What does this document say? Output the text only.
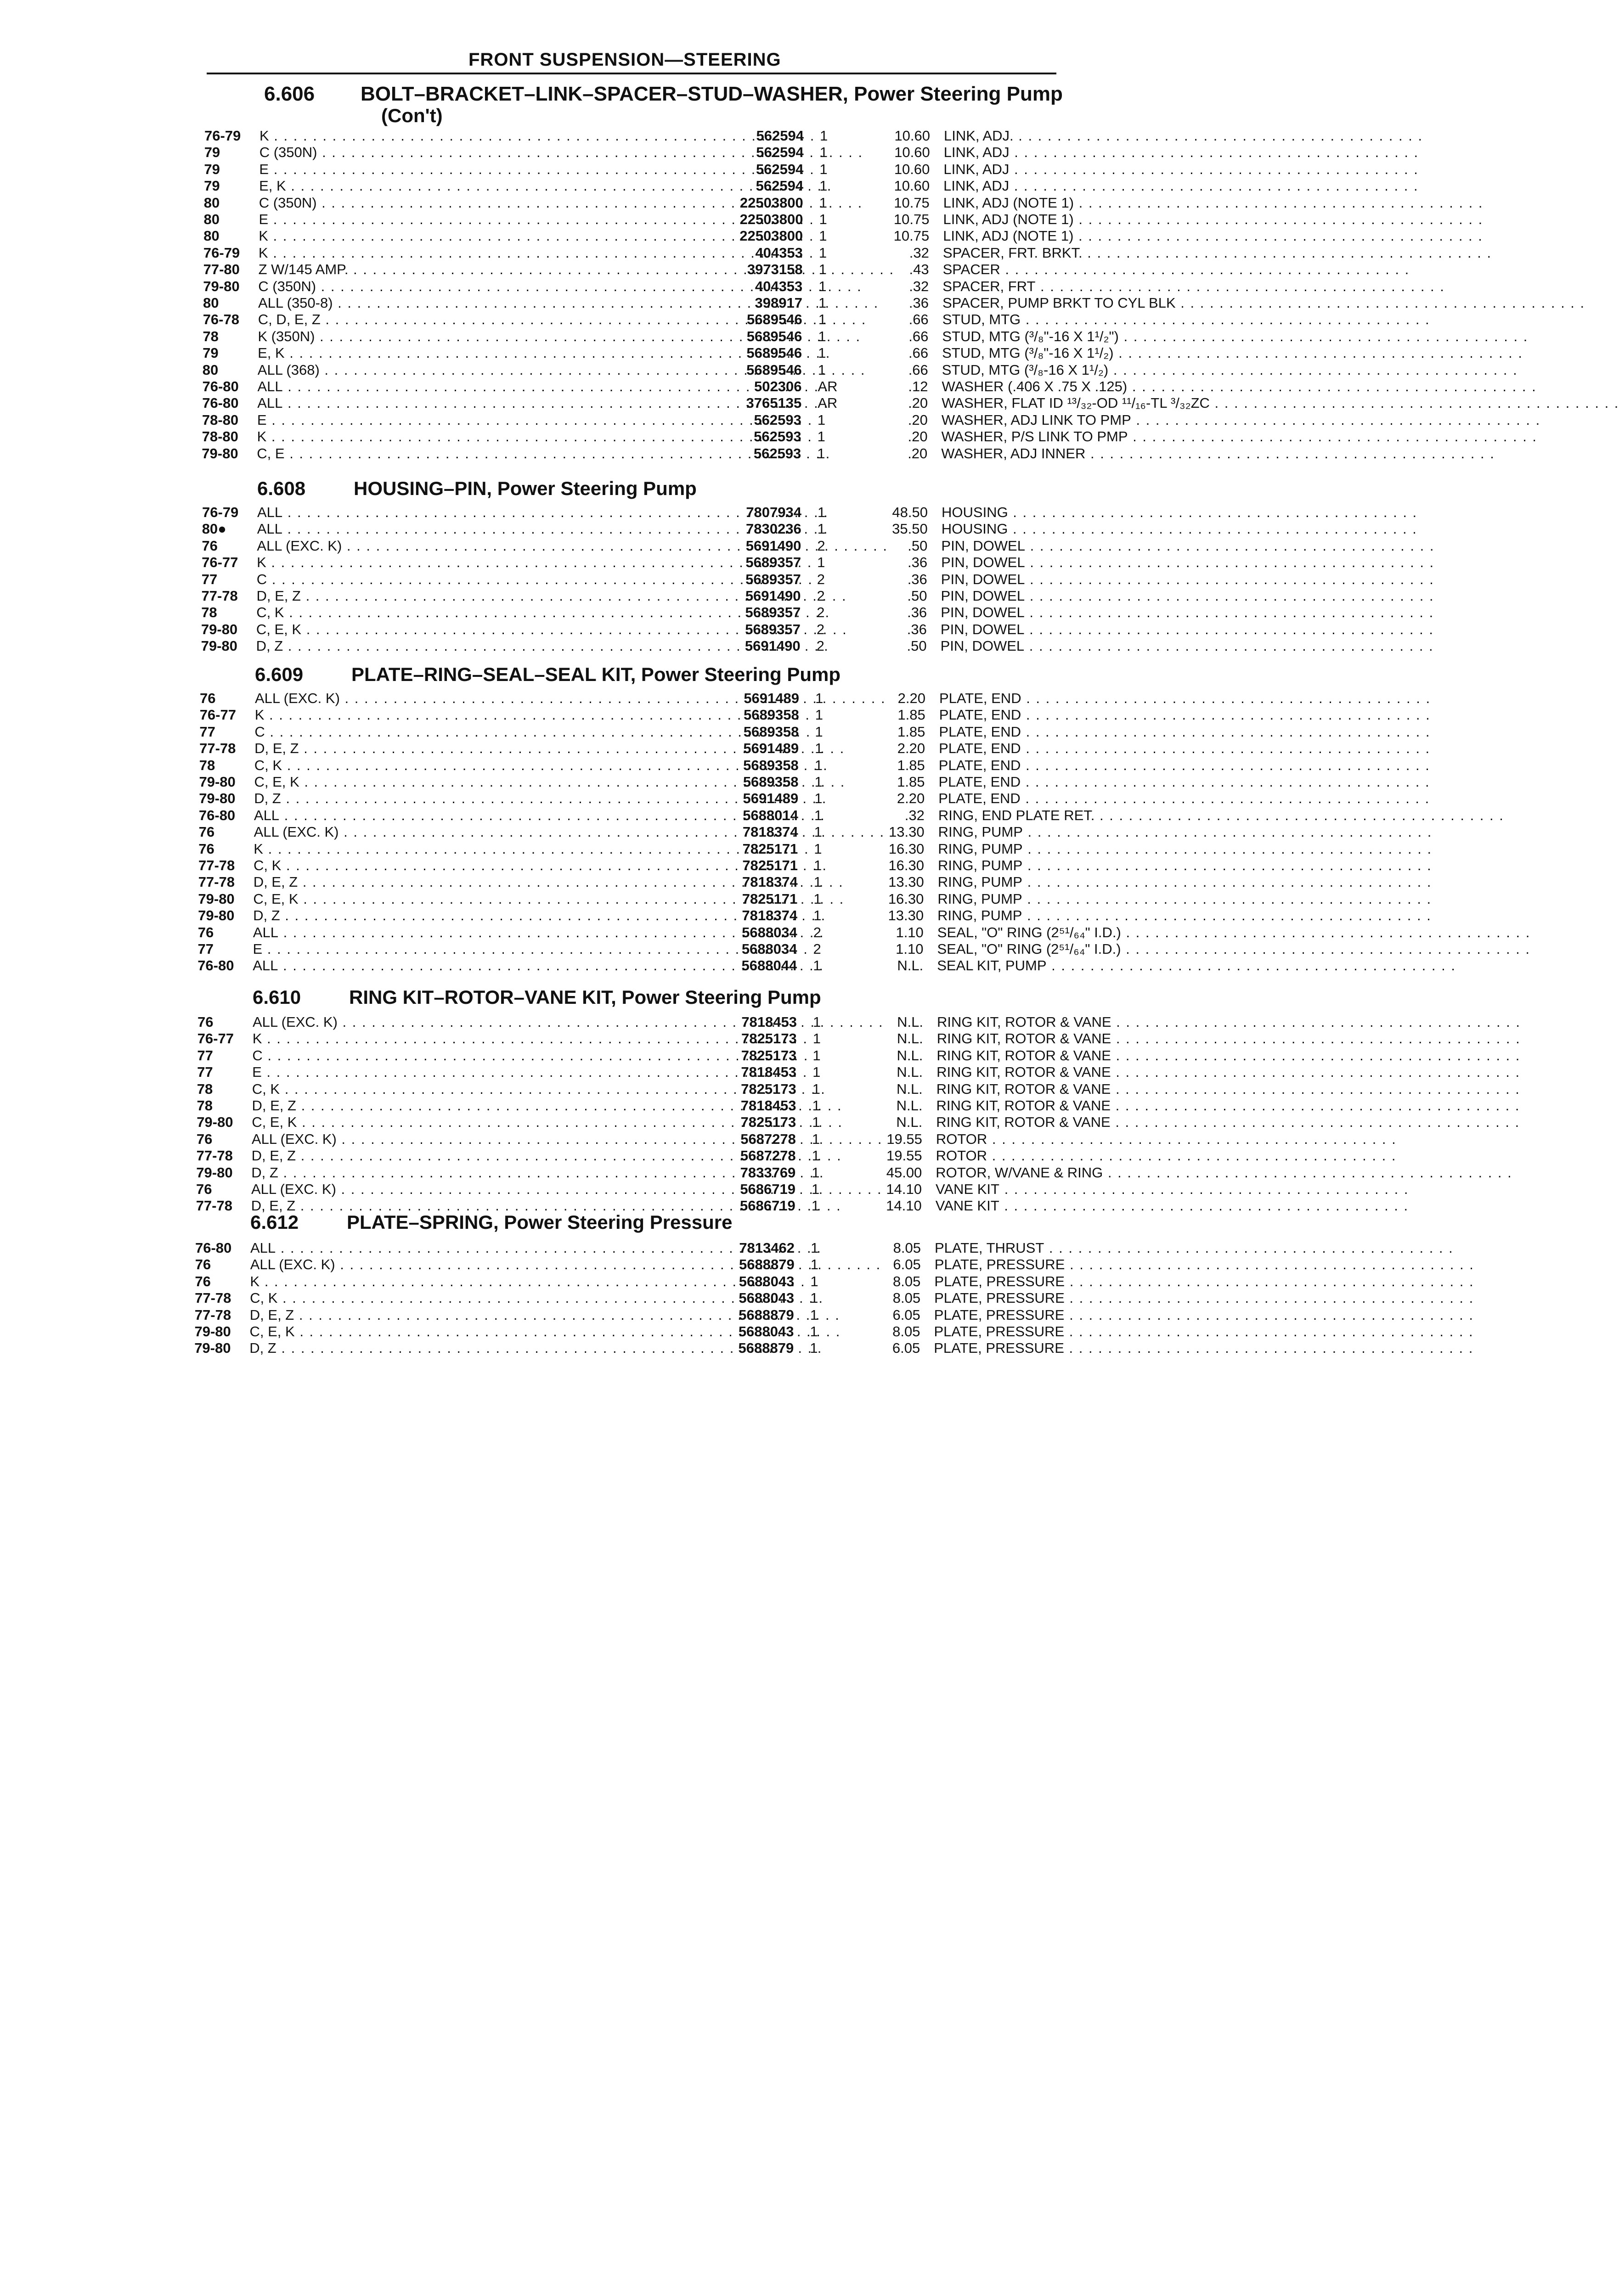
FRONT SUSPENSION—STEERING
6.606 BOLT–BRACKET–LINK–SPACER–STUD–WASHER, Power Steering Pump
(Con't)
76-79	K . . .	562594 1	10.60 LINK, ADJ. . . .
79	C (350N) . . .	562594 1	10.60 LINK, ADJ . . .
79	E . . .	562594 1	10.60 LINK, ADJ . . .
79	E, K . . .	562594 1	10.60 LINK, ADJ . . .
80	C (350N) . . .	22503800 1	10.75 LINK, ADJ (NOTE 1) . . .
80	E . . .	22503800 1	10.75 LINK, ADJ (NOTE 1) . . .
80	K . . .	22503800 1	10.75 LINK, ADJ (NOTE 1) . . .
76-79	K . . .	404353 1	.32 SPACER, FRT. BRKT. . . .
77-80	Z W/145 AMP. . . .	3973158 1	.43 SPACER . . .
79-80	C (350N) . . .	404353 1	.32 SPACER, FRT . . .
80	ALL (350-8) . . .	398917 1	.36 SPACER, PUMP BRKT TO CYL BLK . . .
76-78	C, D, E, Z . . .	5689546 1	.66 STUD, MTG . . .
78	K (350N) . . .	5689546 1	.66 STUD, MTG (³/₈"-16 X 1¹/₂") . . .
79	E, K . . .	5689546 1	.66 STUD, MTG (³/₈"-16 X 1¹/₂) . . .
80	ALL (368) . . .	5689546 1	.66 STUD, MTG (³/₈-16 X 1¹/₂) . . .
76-80	ALL . . .	502306 AR	.12 WASHER (.406 X .75 X .125) . . .
76-80	ALL . . .	3765135 AR	.20 WASHER, FLAT ID ¹³/₃₂-OD ¹¹/₁₆-TL ³/₃₂ZC . . .
78-80	E . . .	562593 1	.20 WASHER, ADJ LINK TO PMP . . .
78-80	K . . .	562593 1	.20 WASHER, P/S LINK TO PMP . . .
79-80	C, E . . .	562593 1	.20 WASHER, ADJ INNER . . .
6.608 HOUSING–PIN, Power Steering Pump
76-79	ALL . . .	7807934 1	48.50 HOUSING . . .
80●	ALL . . .	7830236 1	35.50 HOUSING . . .
76	ALL (EXC. K) . . .	5691490 2	.50 PIN, DOWEL . . .
76-77	K . . .	5689357 1	.36 PIN, DOWEL . . .
77	C . . .	5689357 2	.36 PIN, DOWEL . . .
77-78	D, E, Z . . .	5691490 2	.50 PIN, DOWEL . . .
78	C, K . . .	5689357 2	.36 PIN, DOWEL . . .
79-80	C, E, K . . .	5689357 2	.36 PIN, DOWEL . . .
79-80	D, Z . . .	5691490 2	.50 PIN, DOWEL . . .
6.609 PLATE–RING–SEAL–SEAL KIT, Power Steering Pump
76	ALL (EXC. K) . . .	5691489 1	2.20 PLATE, END . . .
76-77	K . . .	5689358 1	1.85 PLATE, END . . .
77	C . . .	5689358 1	1.85 PLATE, END . . .
77-78	D, E, Z . . .	5691489 1	2.20 PLATE, END . . .
78	C, K . . .	5689358 1	1.85 PLATE, END . . .
79-80	C, E, K . . .	5689358 1	1.85 PLATE, END . . .
79-80	D, Z . . .	5691489 1	2.20 PLATE, END . . .
76-80	ALL . . .	5688014 1	.32 RING, END PLATE RET. . . .
76	ALL (EXC. K) . . .	7818374 1	13.30 RING, PUMP . . .
76	K . . .	7825171 1	16.30 RING, PUMP . . .
77-78	C, K . . .	7825171 1	16.30 RING, PUMP . . .
77-78	D, E, Z . . .	7818374 1	13.30 RING, PUMP . . .
79-80	C, E, K . . .	7825171 1	16.30 RING, PUMP . . .
79-80	D, Z . . .	7818374 1	13.30 RING, PUMP . . .
76	ALL . . .	5688034 2	1.10 SEAL, "O" RING (2⁵¹/₆₄" I.D.) . . .
77	E . . .	5688034 2	1.10 SEAL, "O" RING (2⁵¹/₆₄" I.D.) . . .
76-80	ALL . . .	5688044 1	N.L. SEAL KIT, PUMP . . .
6.610 RING KIT–ROTOR–VANE KIT, Power Steering Pump
76	ALL (EXC. K) . . .	7818453 1	N.L. RING KIT, ROTOR & VANE . . .
76-77	K . . .	7825173 1	N.L. RING KIT, ROTOR & VANE . . .
77	C . . .	7825173 1	N.L. RING KIT, ROTOR & VANE . . .
77	E . . .	7818453 1	N.L. RING KIT, ROTOR & VANE . . .
78	C, K . . .	7825173 1	N.L. RING KIT, ROTOR & VANE . . .
78	D, E, Z . . .	7818453 1	N.L. RING KIT, ROTOR & VANE . . .
79-80	C, E, K . . .	7825173 1	N.L. RING KIT, ROTOR & VANE . . .
76	ALL (EXC. K) . . .	5687278 1	19.55 ROTOR . . .
77-78	D, E, Z . . .	5687278 1	19.55 ROTOR . . .
79-80	D, Z . . .	7833769 1	45.00 ROTOR, W/VANE & RING . . .
76	ALL (EXC. K) . . .	5686719 1	14.10 VANE KIT . . .
77-78	D, E, Z . . .	5686719 1	14.10 VANE KIT . . .
6.612 PLATE–SPRING, Power Steering Pressure
76-80	ALL . . .	7813462 1	8.05 PLATE, THRUST . . .
76	ALL (EXC. K) . . .	5688879 1	6.05 PLATE, PRESSURE . . .
76	K . . .	5688043 1	8.05 PLATE, PRESSURE . . .
77-78	C, K . . .	5688043 1	8.05 PLATE, PRESSURE . . .
77-78	D, E, Z . . .	5688879 1	6.05 PLATE, PRESSURE . . .
79-80	C, E, K . . .	5688043 1	8.05 PLATE, PRESSURE . . .
79-80	D, Z . . .	5688879 1	6.05 PLATE, PRESSURE . . .
